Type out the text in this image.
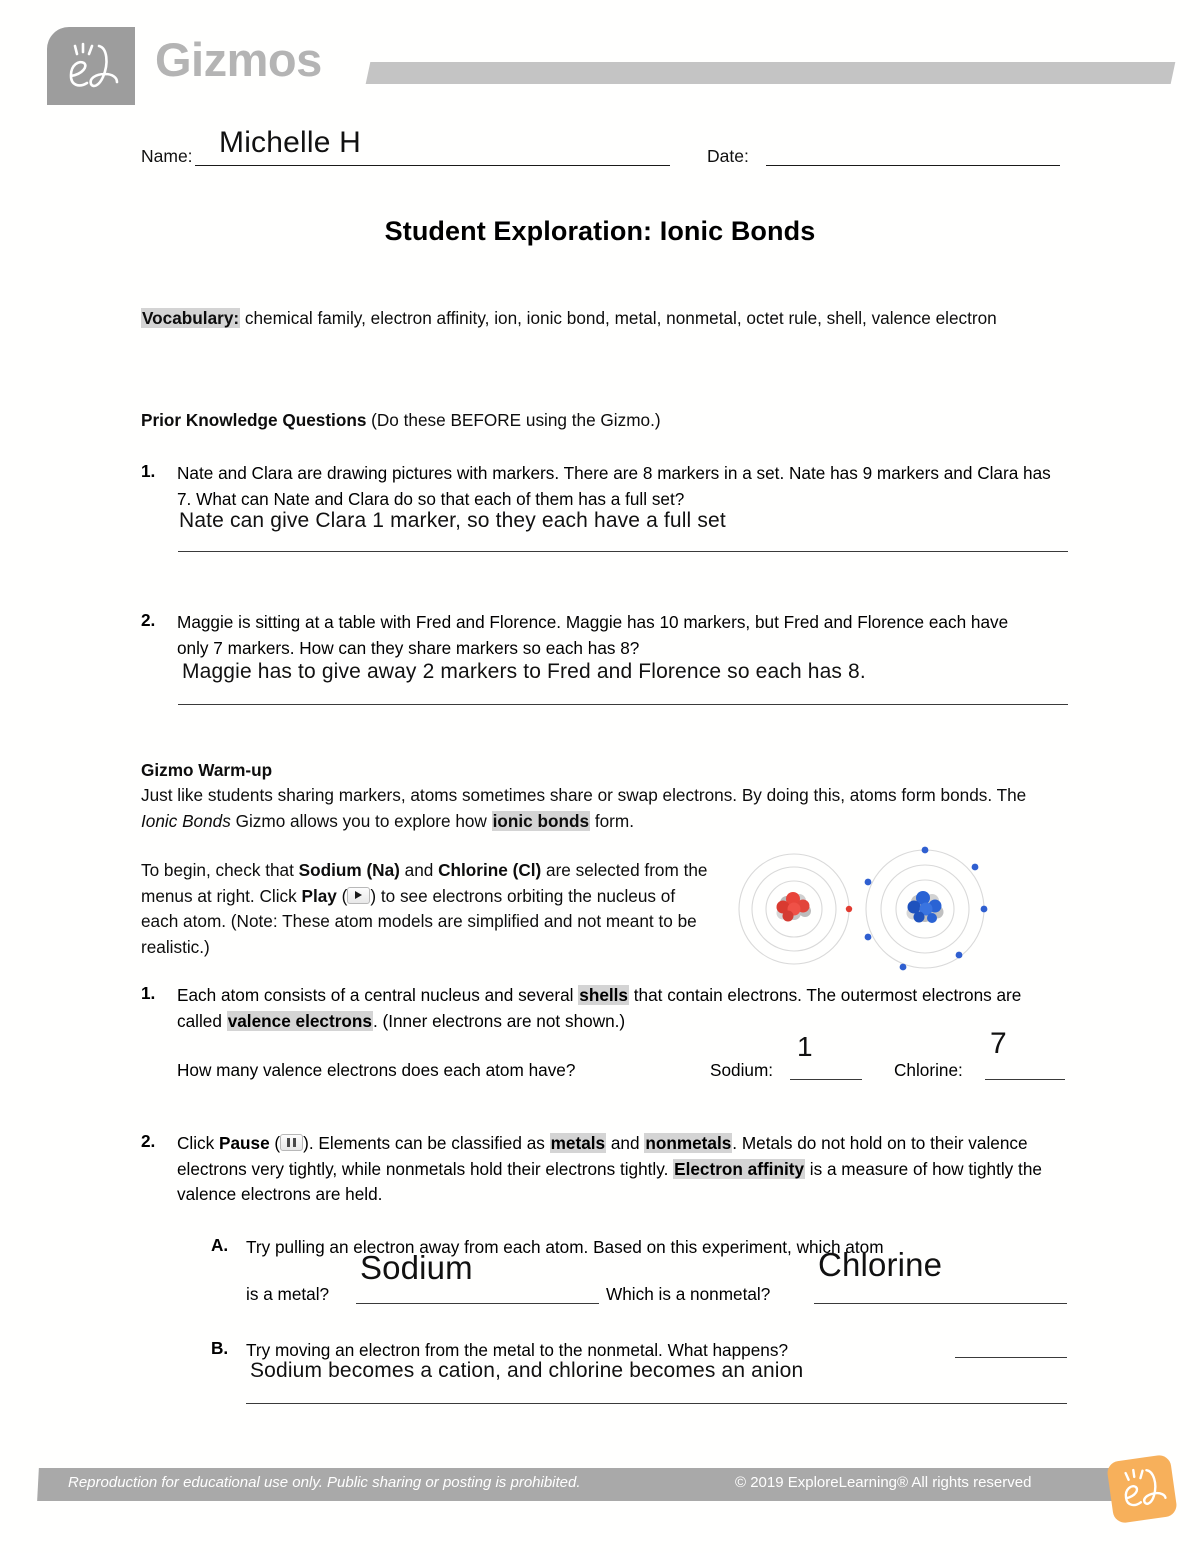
Gizmos
Name: Michelle H	Date:
Student Exploration: Ionic Bonds
Vocabulary: chemical family, electron affinity, ion, ionic bond, metal, nonmetal, octet rule, shell, valence electron
Prior Knowledge Questions (Do these BEFORE using the Gizmo.)
1.	Nate and Clara are drawing pictures with markers. There are 8 markers in a set. Nate has 9 markers and Clara has 7. What can Nate and Clara do so that each of them has a full set?
Nate can give Clara 1 marker, so they each have a full set
2.	Maggie is sitting at a table with Fred and Florence. Maggie has 10 markers, but Fred and Florence each have only 7 markers. How can they share markers so each has 8?
Maggie has to give away 2 markers to Fred and Florence so each has 8.
Gizmo Warm-up
Just like students sharing markers, atoms sometimes share or swap electrons. By doing this, atoms form bonds. The Ionic Bonds Gizmo allows you to explore how ionic bonds form.
To begin, check that Sodium (Na) and Chlorine (Cl) are selected from the menus at right. Click Play ( ) to see electrons orbiting the nucleus of each atom. (Note: These atom models are simplified and not meant to be realistic.)
1.	Each atom consists of a central nucleus and several shells that contain electrons. The outermost electrons are called valence electrons. (Inner electrons are not shown.)
How many valence electrons does each atom have?	Sodium:
1
Chlorine:
7
2.	Click Pause ( ). Elements can be classified as metals and nonmetals. Metals do not hold on to their valence electrons very tightly, while nonmetals hold their electrons tightly. Electron affinity is a measure of how tightly the valence electrons are held.
A. Try pulling an electron away from each atom. Based on this experiment, which atom
is a metal?
Sodium
Which is a nonmetal?
Chlorine
B. Try moving an electron from the metal to the nonmetal. What happens?
Sodium becomes a cation, and chlorine becomes an anion
Reproduction for educational use only. Public sharing or posting is prohibited.	© 2019 ExploreLearning® All rights reserved
